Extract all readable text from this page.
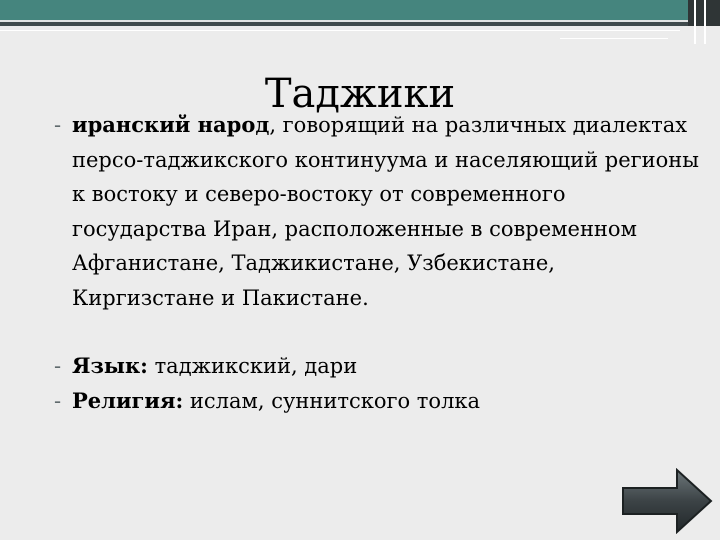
Таджики

- иранский народ, говорящий на различных диалектах персо-таджикского континуума и населяющий регионы к востоку и северо-востоку от современного государства Иран, расположенные в современном Афганистане, Таджикистане, Узбекистане, Киргизстане и Пакистане.

- Язык: таджикский, дари

- Религия: ислам, суннитского толка
